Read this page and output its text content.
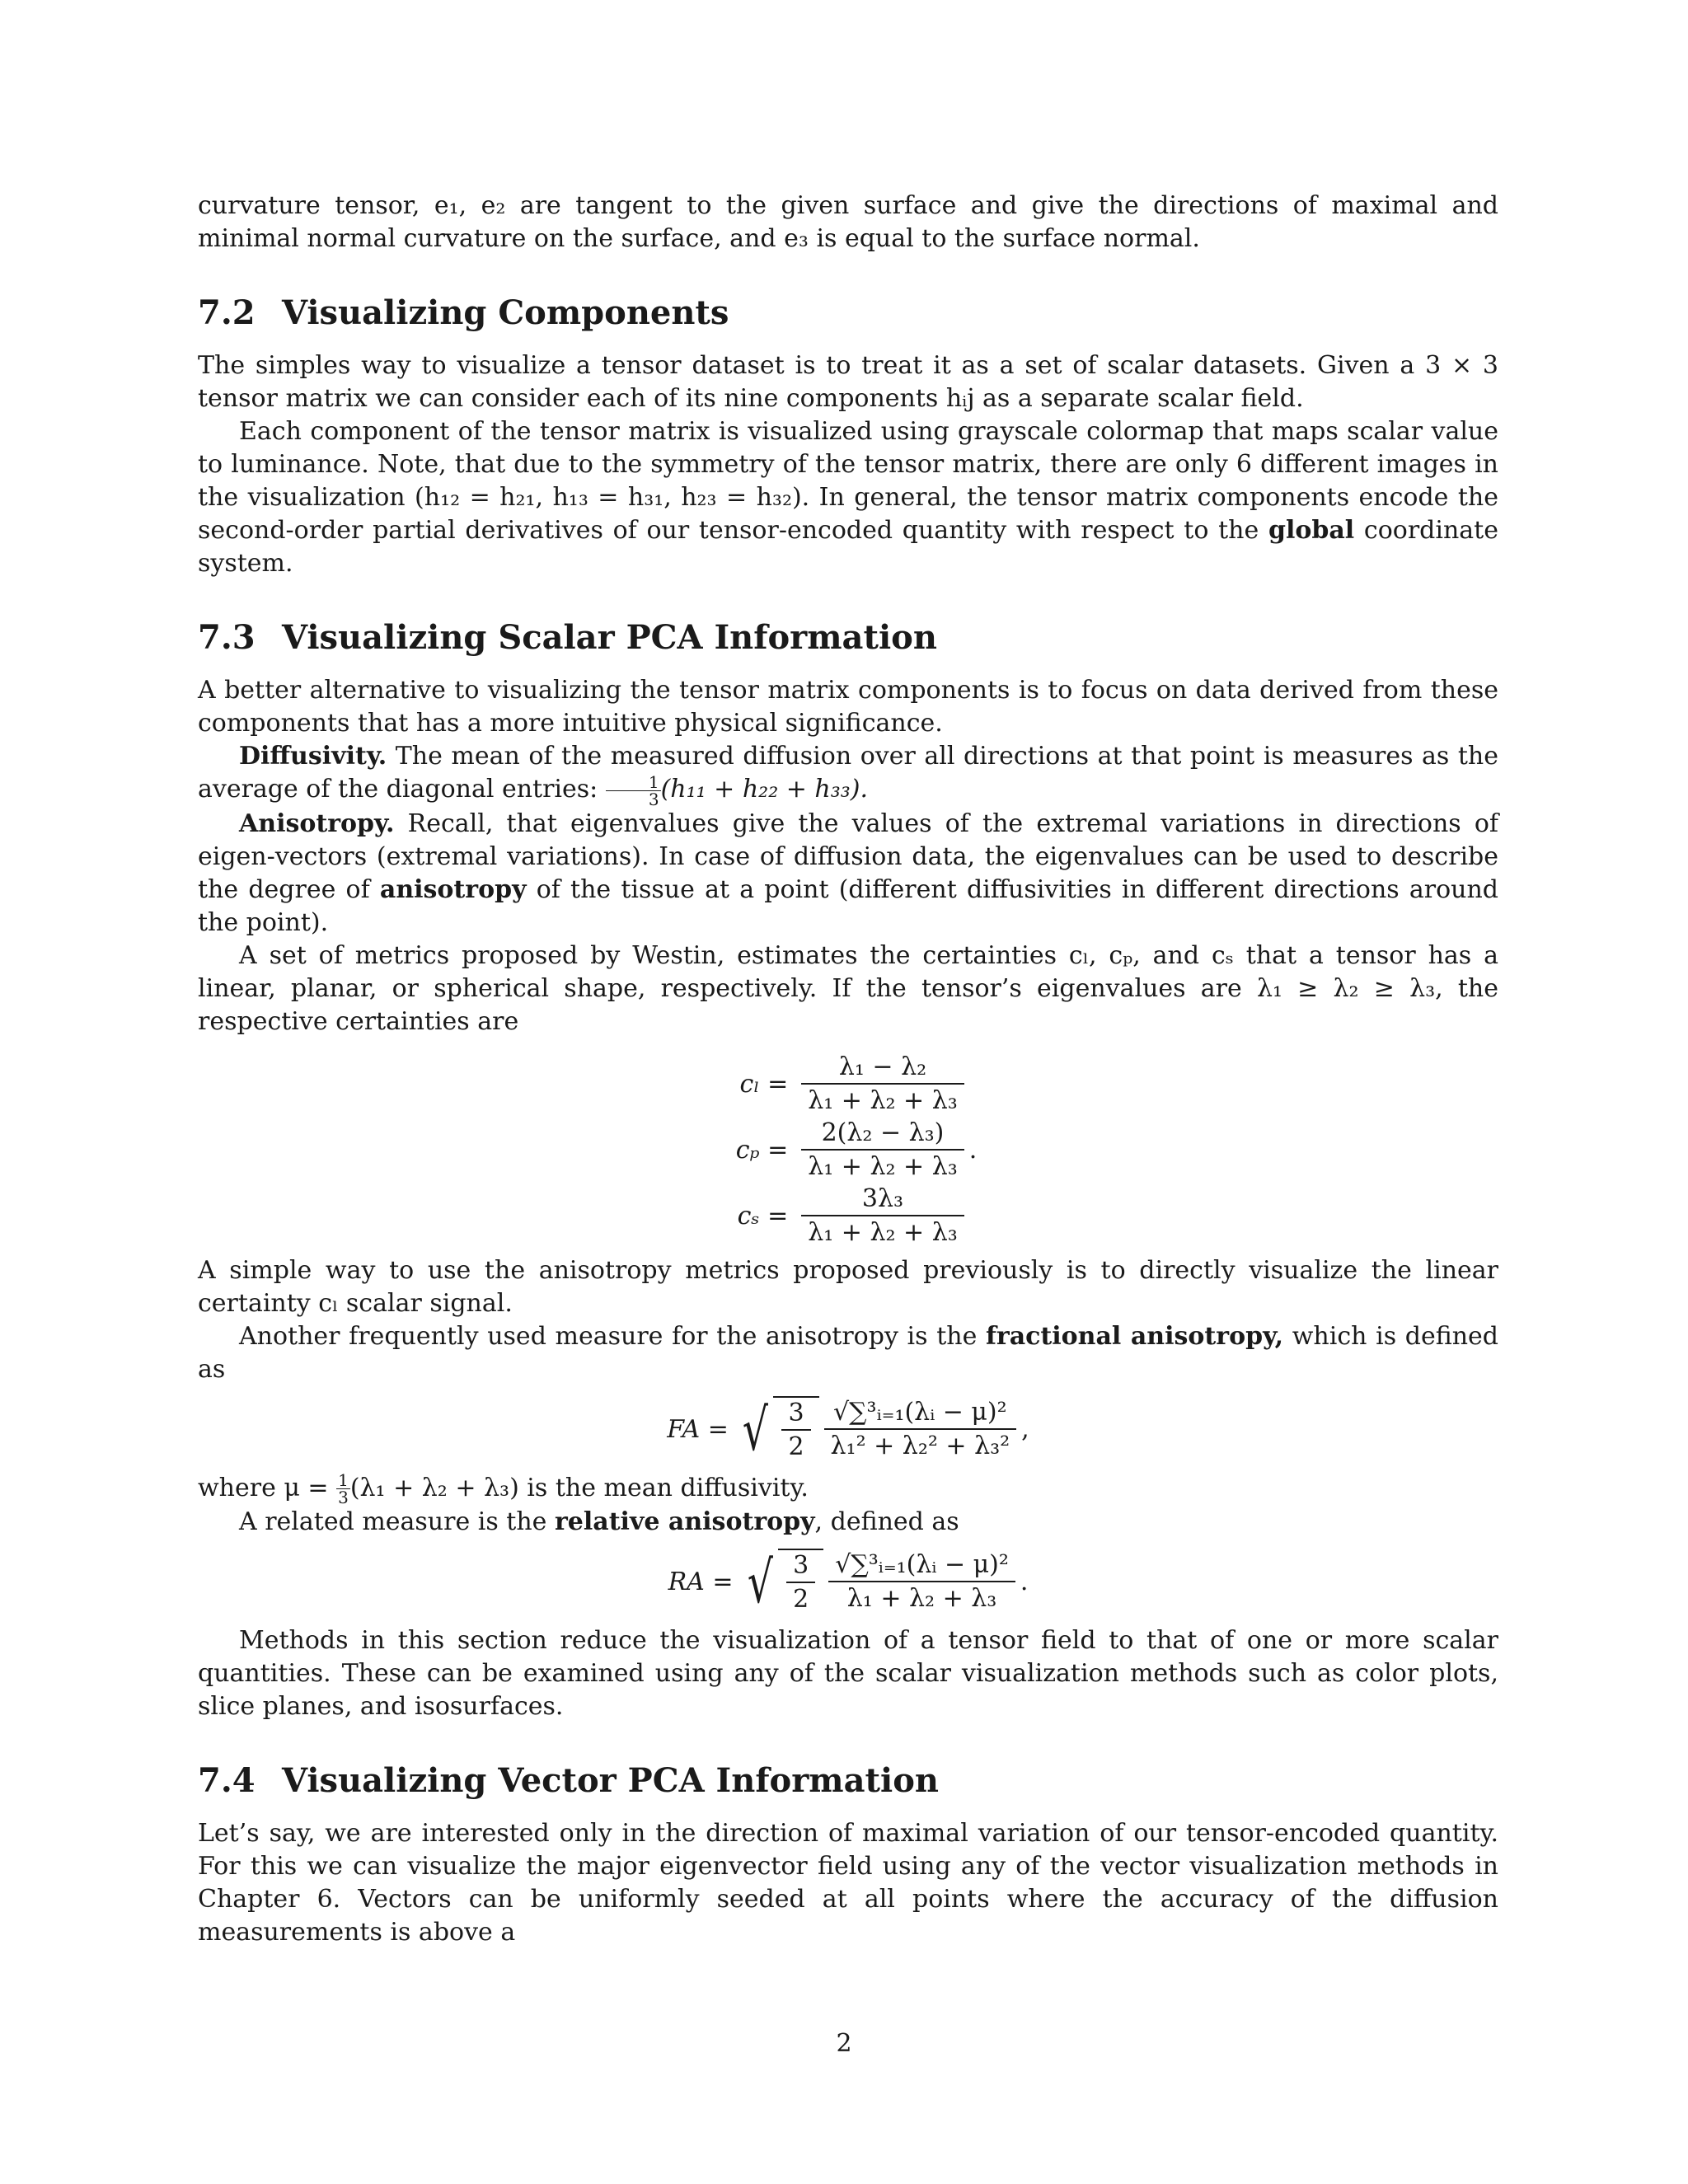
curvature tensor, e₁, e₂ are tangent to the given surface and give the directions of maximal and minimal normal curvature on the surface, and e₃ is equal to the surface normal.

7.2 Visualizing Components

The simples way to visualize a tensor dataset is to treat it as a set of scalar datasets. Given a 3 × 3 tensor matrix we can consider each of its nine components hᵢj as a separate scalar field.

Each component of the tensor matrix is visualized using grayscale colormap that maps scalar value to luminance. Note, that due to the symmetry of the tensor matrix, there are only 6 different images in the visualization (h₁₂ = h₂₁, h₁₃ = h₃₁, h₂₃ = h₃₂). In general, the tensor matrix components encode the second-order partial derivatives of our tensor-encoded quantity with respect to the global coordinate system.

7.3 Visualizing Scalar PCA Information

A better alternative to visualizing the tensor matrix components is to focus on data derived from these components that has a more intuitive physical significance.

Diffusivity. The mean of the measured diffusion over all directions at that point is measures as the average of the diagonal entries: $\frac{1}{3} (h_{11} + h_{22} + h_{33})$.

Anisotropy. Recall, that eigenvalues give the values of the extremal variations in directions of eigen-vectors (extremal variations). In case of diffusion data, the eigenvalues can be used to describe the degree of anisotropy of the tissue at a point (different diffusivities in different directions around the point).

A set of metrics proposed by Westin, estimates the certainties cₗ, cₚ, and cₛ that a tensor has a linear, planar, or spherical shape, respectively. If the tensor’s eigenvalues are λ₁ ≥ λ₂ ≥ λ₃, the respective certainties are

$c_l = \frac{\text{λ₁ − λ₂}}{\text{λ₁ + λ₂ + λ₃}}$
$c_p = \frac{\text{2(λ₂ − λ₃)}}{\text{λ₁ + λ₂ + λ₃}}$ .
$c_s = \frac{\text{3λ₃}}{\text{λ₁ + λ₂ + λ₃}}$

A simple way to use the anisotropy metrics proposed previously is to directly visualize the linear certainty cₗ scalar signal.

Another frequently used measure for the anisotropy is the fractional anisotropy, which is defined as

FA = √ $\frac{3}{2} \frac{\text{√∑³ᵢ₌₁(λᵢ − μ)²}}{\text{λ₁² + λ₂² + λ₃²}}$ ,

where $\mu = \frac{1}{3} (\lambda_1 + \lambda_2 + \lambda_3)$ is the mean diffusivity.

A related measure is the relative anisotropy, defined as

RA = √ $\frac{3}{2} \frac{\text{√∑³ᵢ₌₁(λᵢ − μ)²}}{\text{λ₁ + λ₂ + λ₃}}$ .

Methods in this section reduce the visualization of a tensor field to that of one or more scalar quantities. These can be examined using any of the scalar visualization methods such as color plots, slice planes, and isosurfaces.

7.4 Visualizing Vector PCA Information

Let’s say, we are interested only in the direction of maximal variation of our tensor-encoded quantity. For this we can visualize the major eigenvector field using any of the vector visualization methods in Chapter 6. Vectors can be uniformly seeded at all points where the accuracy of the diffusion measurements is above a

2
